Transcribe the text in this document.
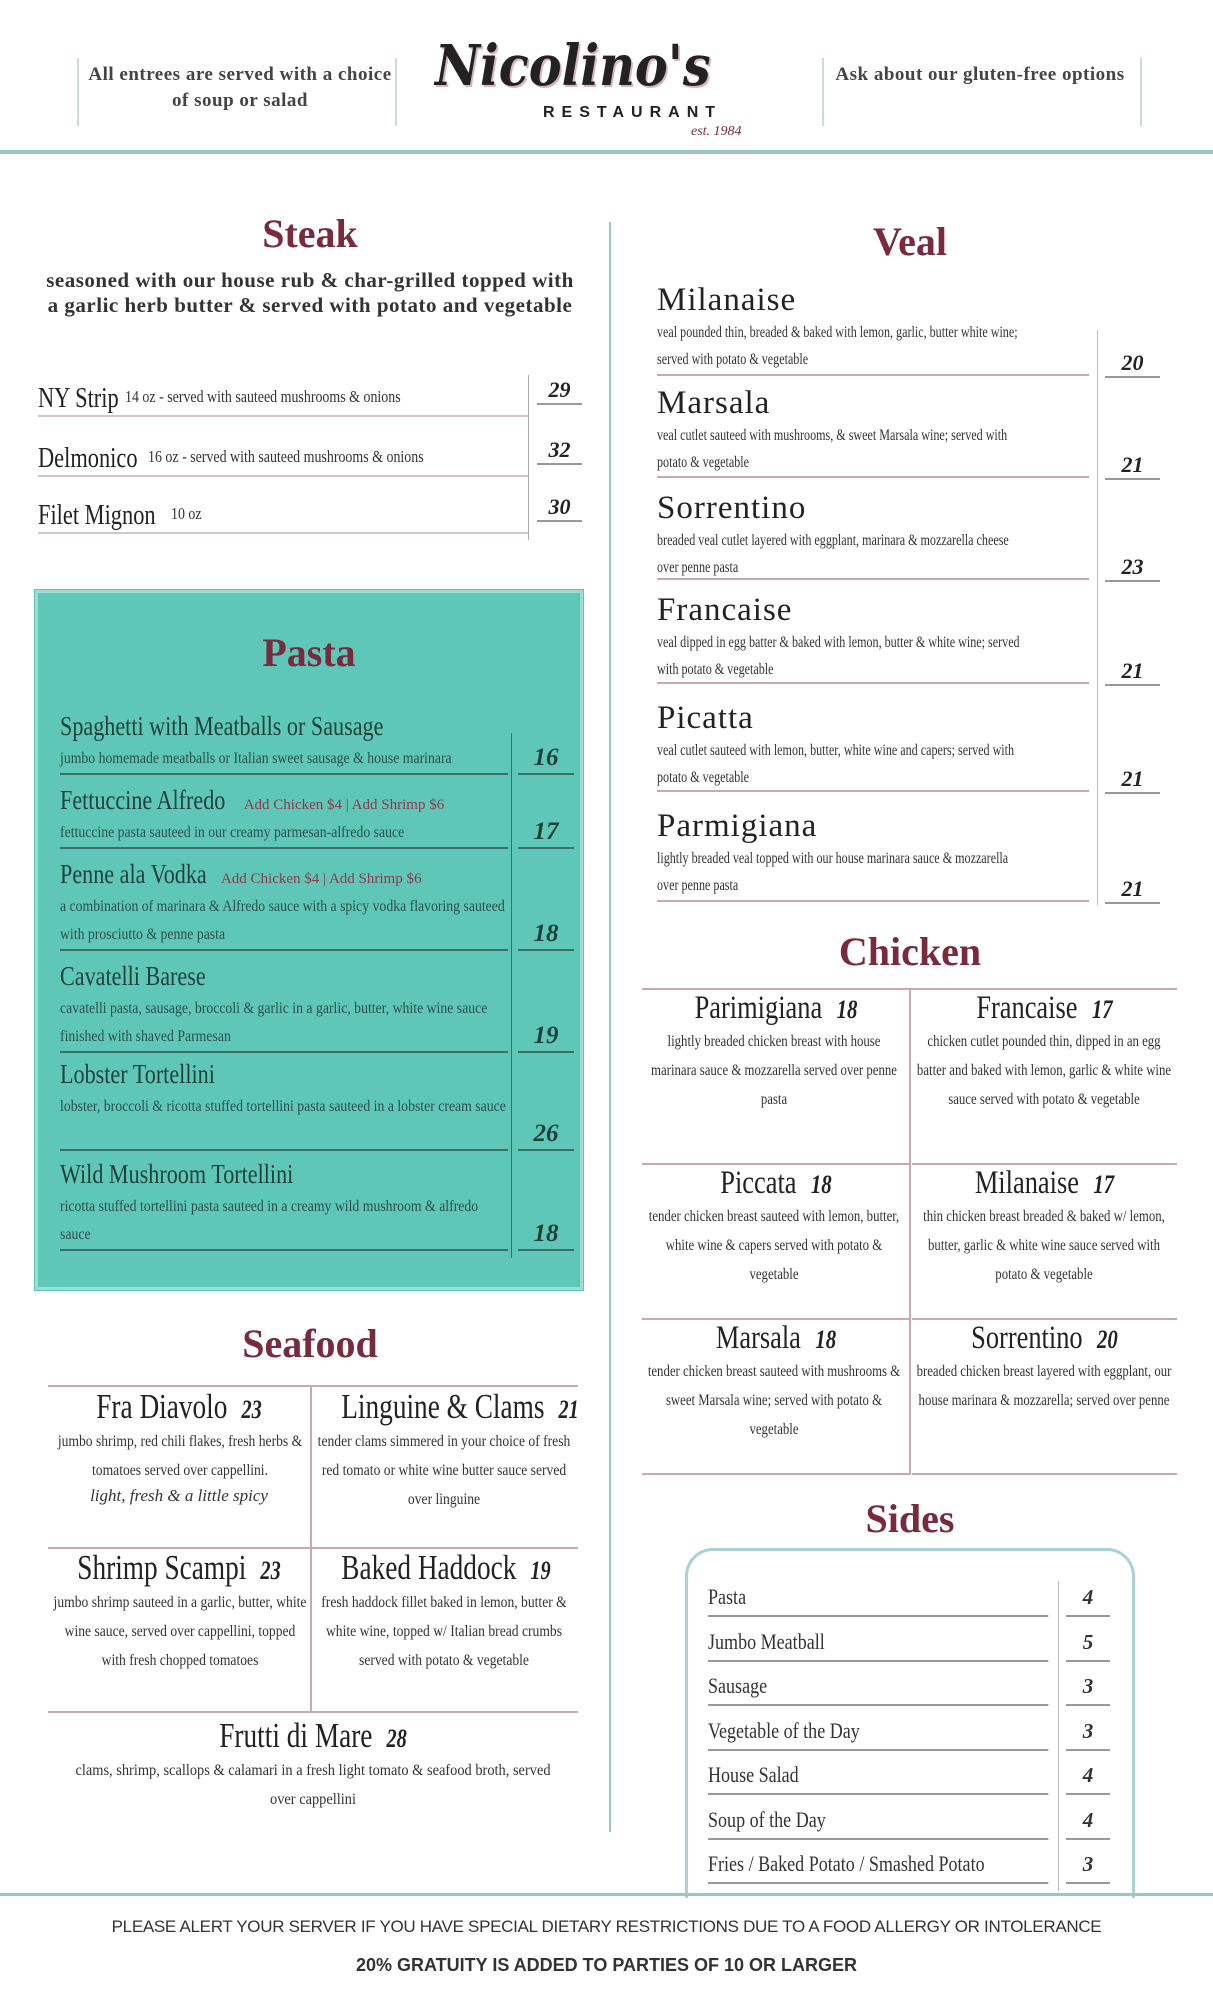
All entrees are served with a choice of soup or salad
Nicolino's
RESTAURANT
est. 1984
Ask about our gluten-free options
Steak
seasoned with our house rub & char-grilled topped with a garlic herb butter & served with potato and vegetable
NY Strip 14 oz - served with sauteed mushrooms & onions	29
Delmonico 16 oz - served with sauteed mushrooms & onions	32
Filet Mignon 10 oz	30
Pasta
Spaghetti with Meatballs or Sausage
jumbo homemade meatballs or Italian sweet sausage & house marinara	16
Fettuccine Alfredo Add Chicken $4 | Add Shrimp $6
fettuccine pasta sauteed in our creamy parmesan-alfredo sauce	17
Penne ala Vodka Add Chicken $4 | Add Shrimp $6
a combination of marinara & Alfredo sauce with a spicy vodka flavoring sauteed with prosciutto & penne pasta	18
Cavatelli Barese
cavatelli pasta, sausage, broccoli & garlic in a garlic, butter, white wine sauce finished with shaved Parmesan	19
Lobster Tortellini
lobster, broccoli & ricotta stuffed tortellini pasta sauteed in a lobster cream sauce
26
Wild Mushroom Tortellini
ricotta stuffed tortellini pasta sauteed in a creamy wild mushroom & alfredo sauce	18
Seafood
Fra Diavolo 23
jumbo shrimp, red chili flakes, fresh herbs & tomatoes served over cappellini.
light, fresh & a little spicy
Linguine & Clams 21
tender clams simmered in your choice of fresh red tomato or white wine butter sauce served over linguine
Shrimp Scampi 23
jumbo shrimp sauteed in a garlic, butter, white wine sauce, served over cappellini, topped with fresh chopped tomatoes
Baked Haddock 19
fresh haddock fillet baked in lemon, butter & white wine, topped w/ Italian bread crumbs served with potato & vegetable
Frutti di Mare 28
clams, shrimp, scallops & calamari in a fresh light tomato & seafood broth, served over cappellini
Veal
Milanaise
veal pounded thin, breaded & baked with lemon, garlic, butter white wine; served with potato & vegetable	20
Marsala
veal cutlet sauteed with mushrooms, & sweet Marsala wine; served with potato & vegetable	21
Sorrentino
breaded veal cutlet layered with eggplant, marinara & mozzarella cheese over penne pasta	23
Francaise
veal dipped in egg batter & baked with lemon, butter & white wine; served with potato & vegetable	21
Picatta
veal cutlet sauteed with lemon, butter, white wine and capers; served with potato & vegetable	21
Parmigiana
lightly breaded veal topped with our house marinara sauce & mozzarella over penne pasta	21
Chicken
Parimigiana 18
lightly breaded chicken breast with house marinara sauce & mozzarella served over penne pasta
Francaise 17
chicken cutlet pounded thin, dipped in an egg batter and baked with lemon, garlic & white wine sauce served with potato & vegetable
Piccata 18
tender chicken breast sauteed with lemon, butter, white wine & capers served with potato & vegetable
Milanaise 17
thin chicken breast breaded & baked w/ lemon, butter, garlic & white wine sauce served with potato & vegetable
Marsala 18
tender chicken breast sauteed with mushrooms & sweet Marsala wine; served with potato & vegetable
Sorrentino 20
breaded chicken breast layered with eggplant, our house marinara & mozzarella; served over penne
Sides
Pasta	4
Jumbo Meatball	5
Sausage	3
Vegetable of the Day	3
House Salad	4
Soup of the Day	4
Fries / Baked Potato / Smashed Potato	3
PLEASE ALERT YOUR SERVER IF YOU HAVE SPECIAL DIETARY RESTRICTIONS DUE TO A FOOD ALLERGY OR INTOLERANCE
20% GRATUITY IS ADDED TO PARTIES OF 10 OR LARGER
